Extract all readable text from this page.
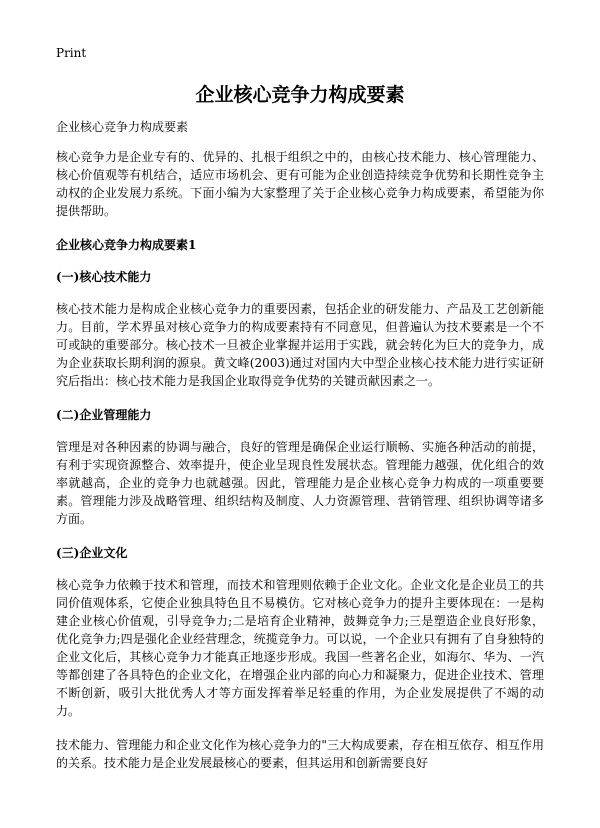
Print
企业核心竞争力构成要素

企业核心竞争力构成要素

核心竞争力是企业专有的、优异的、扎根于组织之中的，由核心技术能力、核心管理能力、核心价值观等有机结合，适应市场机会、更有可能为企业创造持续竞争优势和长期性竞争主动权的企业发展力系统。下面小编为大家整理了关于企业核心竞争力构成要素，希望能为你提供帮助。

企业核心竞争力构成要素1
(一)核心技术能力

核心技术能力是构成企业核心竞争力的重要因素，包括企业的研发能力、产品及工艺创新能力。目前，学术界虽对核心竞争力的构成要素持有不同意见，但普遍认为技术要素是一个不可或缺的重要部分。核心技术一旦被企业掌握并运用于实践，就会转化为巨大的竞争力，成为企业获取长期利润的源泉。黄文峰(2003)通过对国内大中型企业核心技术能力进行实证研究后指出：核心技术能力是我国企业取得竞争优势的关键贡献因素之一。

(二)企业管理能力

管理是对各种因素的协调与融合，良好的管理是确保企业运行顺畅、实施各种活动的前提，有利于实现资源整合、效率提升，使企业呈现良性发展状态。管理能力越强，优化组合的效率就越高，企业的竞争力也就越强。因此，管理能力是企业核心竞争力构成的一项重要要素。管理能力涉及战略管理、组织结构及制度、人力资源管理、营销管理、组织协调等诸多方面。

(三)企业文化

核心竞争力依赖于技术和管理，而技术和管理则依赖于企业文化。企业文化是企业员工的共同价值观体系，它使企业独具特色且不易模仿。它对核心竞争力的提升主要体现在：一是构建企业核心价值观，引导竞争力;二是培育企业精神，鼓舞竞争力;三是塑造企业良好形象，优化竞争力;四是强化企业经营理念，统揽竞争力。可以说，一个企业只有拥有了自身独特的企业文化后，其核心竞争力才能真正地逐步形成。我国一些著名企业，如海尔、华为、一汽等都创建了各具特色的企业文化，在增强企业内部的向心力和凝聚力，促进企业技术、管理不断创新，吸引大批优秀人才等方面发挥着举足轻重的作用，为企业发展提供了不竭的动力。

技术能力、管理能力和企业文化作为核心竞争力的"三大构成要素，存在相互依存、相互作用的关系。技术能力是企业发展最核心的要素，但其运用和创新需要良好
